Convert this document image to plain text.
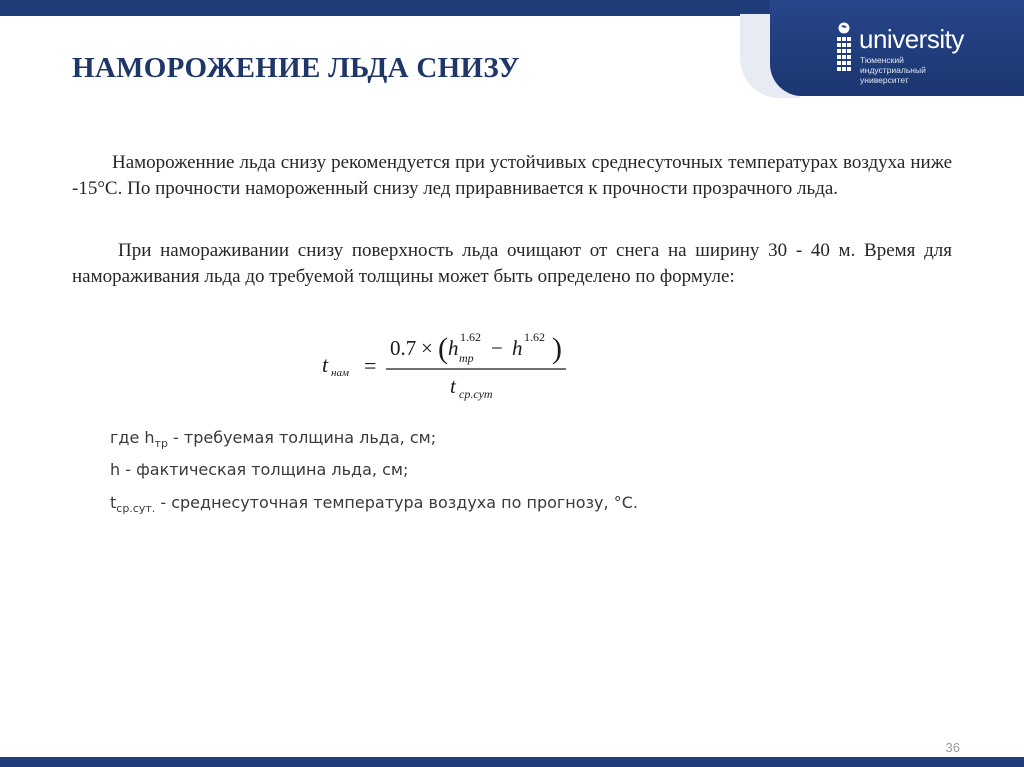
university
Тюменский
индустриальный
университет
НАМОРОЖЕНИЕ ЛЬДА СНИЗУ

Намороженние льда снизу рекомендуется при устойчивых среднесуточных температурах воздуха ниже -15°С. По прочности намороженный снизу лед приравнивается к прочности прозрачного льда.

При намораживании снизу поверхность льда очищают от снега на ширину 30 - 40 м. Время для намораживания льда до требуемой толщины может быть определено по формуле:

t нам =
0.7 × ( h 1.62
тр − h 1.62 )
t ср.сут

где $h_{тр}$ - требуемая толщина льда, см;

h - фактическая толщина льда, см;

$t_{ср.сут.}$ - среднесуточная температура воздуха по прогнозу, °С.

36
